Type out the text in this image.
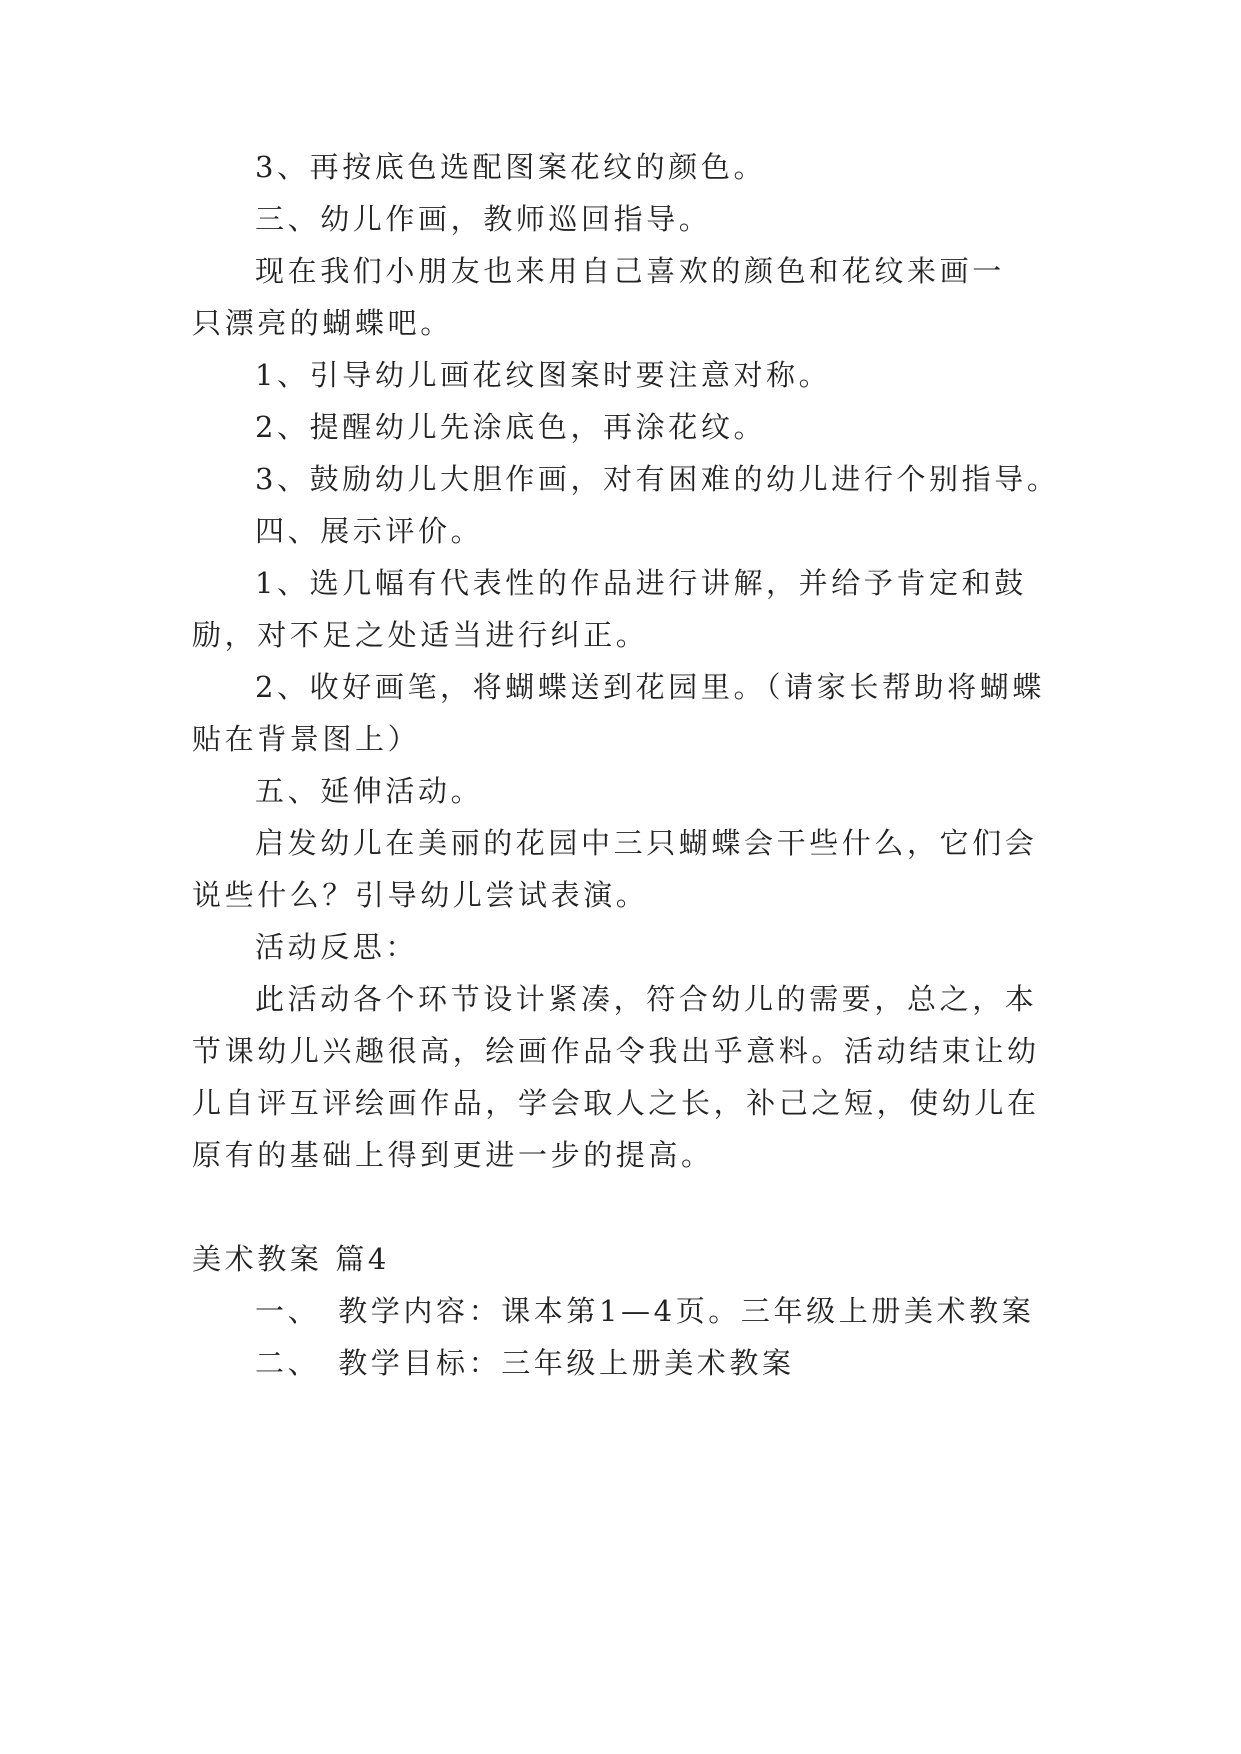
3、再按底色选配图案花纹的颜色。
三、幼儿作画，教师巡回指导。
现在我们小朋友也来用自己喜欢的颜色和花纹来画一
只漂亮的蝴蝶吧。
1、引导幼儿画花纹图案时要注意对称。
2、提醒幼儿先涂底色，再涂花纹。
3、鼓励幼儿大胆作画，对有困难的幼儿进行个别指导。
四、展示评价。
1、选几幅有代表性的作品进行讲解，并给予肯定和鼓
励，对不足之处适当进行纠正。
2、收好画笔，将蝴蝶送到花园里。（请家长帮助将蝴蝶
贴在背景图上）
五、延伸活动。
启发幼儿在美丽的花园中三只蝴蝶会干些什么，它们会
说些什么？引导幼儿尝试表演。
活动反思：
此活动各个环节设计紧凑，符合幼儿的需要，总之，本
节课幼儿兴趣很高，绘画作品令我出乎意料。活动结束让幼
儿自评互评绘画作品，学会取人之长，补己之短，使幼儿在
原有的基础上得到更进一步的提高。
美术教案 篇4
一、 教学内容：课本第1—4页。三年级上册美术教案
二、 教学目标：三年级上册美术教案
